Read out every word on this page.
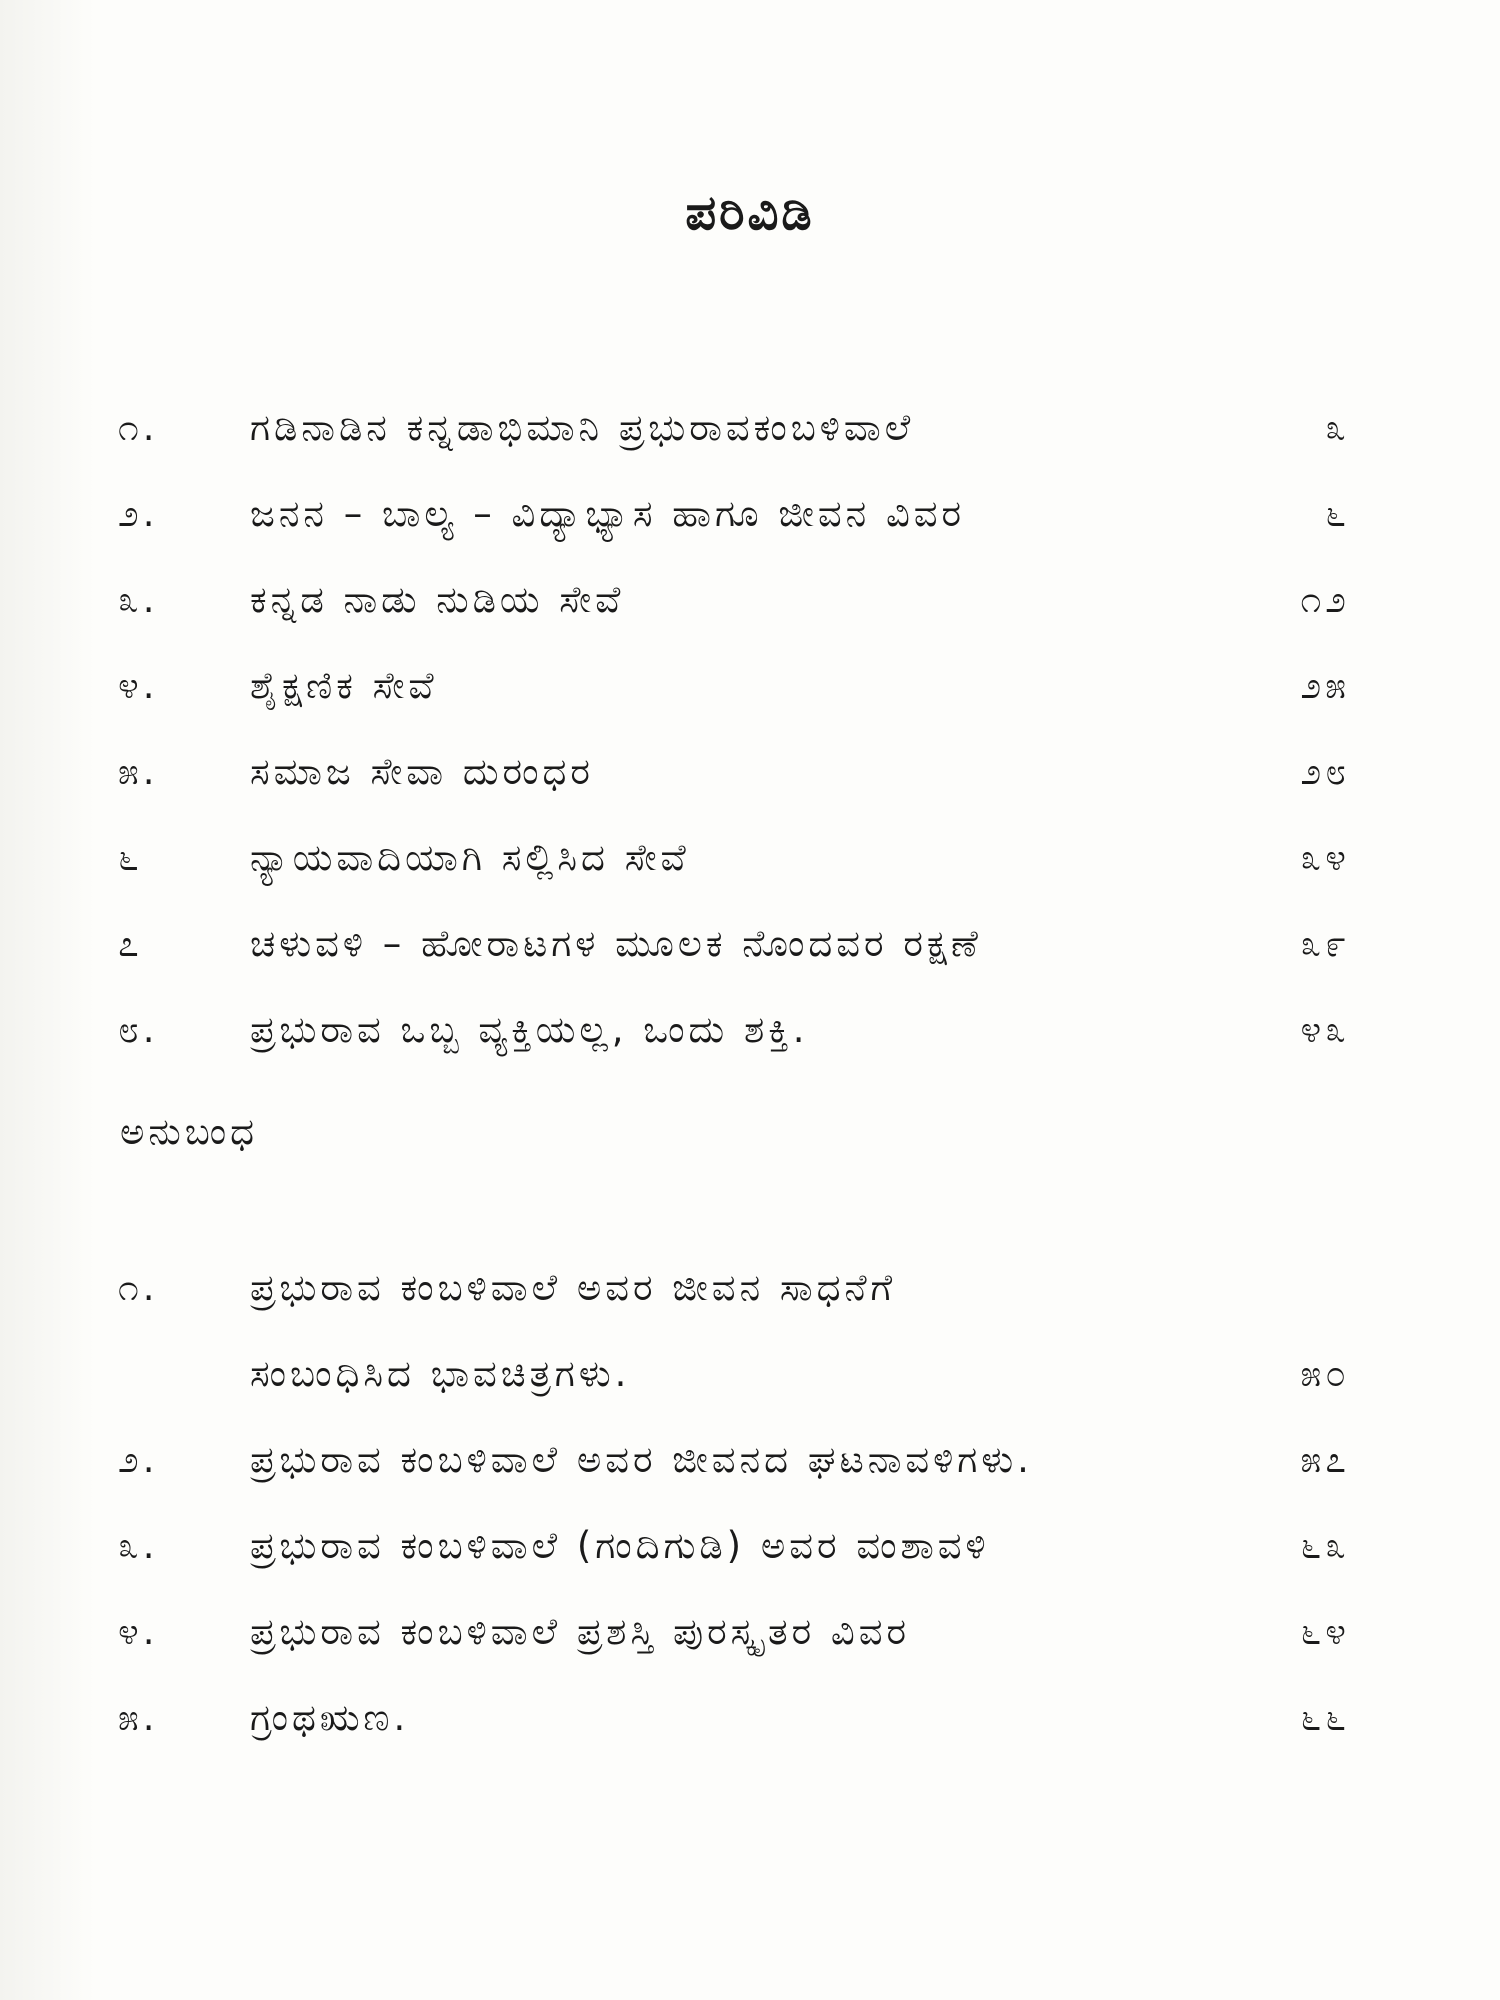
ಪರಿವಿಡಿ
೧. ಗಡಿನಾಡಿನ ಕನ್ನಡಾಭಿಮಾನಿ ಪ್ರಭುರಾವಕಂಬಳಿವಾಲೆ	೩
೨. ಜನನ – ಬಾಲ್ಯ – ವಿದ್ಯಾಭ್ಯಾಸ ಹಾಗೂ ಜೀವನ ವಿವರ	೬
೩. ಕನ್ನಡ ನಾಡು ನುಡಿಯ ಸೇವೆ	೧೨
೪. ಶೈಕ್ಷಣಿಕ ಸೇವೆ	೨೫
೫. ಸಮಾಜ ಸೇವಾ ದುರಂಧರ	೨೮
೬	ನ್ಯಾಯವಾದಿಯಾಗಿ ಸಲ್ಲಿಸಿದ ಸೇವೆ	೩೪
೭	ಚಳುವಳಿ – ಹೋರಾಟಗಳ ಮೂಲಕ ನೊಂದವರ ರಕ್ಷಣೆ	೩೯
೮. ಪ್ರಭುರಾವ ಒಬ್ಬ ವ್ಯಕ್ತಿಯಲ್ಲ, ಒಂದು ಶಕ್ತಿ.	೪೩
ಅನುಬಂಧ
೧. ಪ್ರಭುರಾವ ಕಂಬಳಿವಾಲೆ ಅವರ ಜೀವನ ಸಾಧನೆಗೆ
ಸಂಬಂಧಿಸಿದ ಭಾವಚಿತ್ರಗಳು.	೫೦
೨. ಪ್ರಭುರಾವ ಕಂಬಳಿವಾಲೆ ಅವರ ಜೀವನದ ಘಟನಾವಳಿಗಳು.	೫೭
೩. ಪ್ರಭುರಾವ ಕಂಬಳಿವಾಲೆ (ಗಂದಿಗುಡಿ) ಅವರ ವಂಶಾವಳಿ	೬೩
೪. ಪ್ರಭುರಾವ ಕಂಬಳಿವಾಲೆ ಪ್ರಶಸ್ತಿ ಪುರಸ್ಕೃತರ ವಿವರ	೬೪
೫. ಗ್ರಂಥಋಣ.	೬೬
